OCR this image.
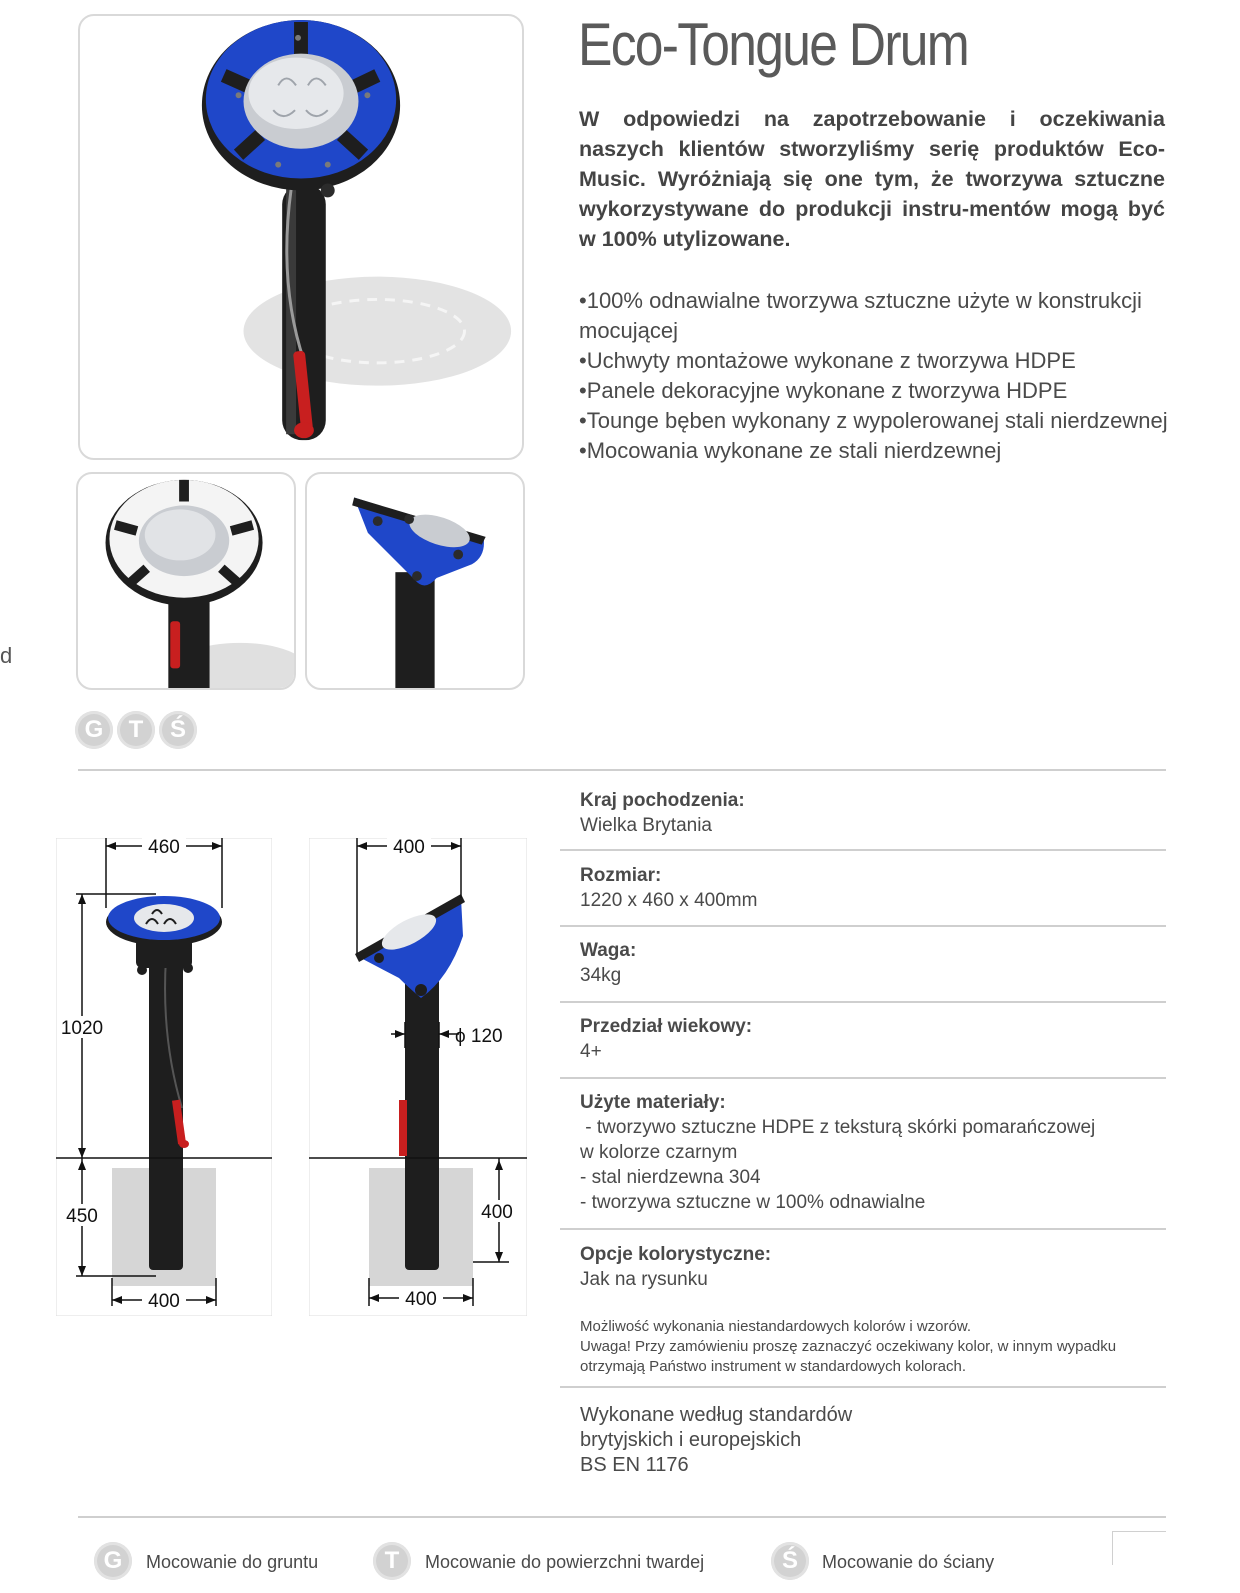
Eco-Tongue Drum
W odpowiedzi na zapotrzebowanie i oczekiwania naszych klientów stworzyliśmy serię produktów Eco-Music. Wyróżniają się one tym, że tworzywa sztuczne wykorzystywane do produkcji instru-mentów mogą być w 100% utylizowane.
• 100% odnawialne tworzywa sztuczne użyte w konstrukcji mocującej
• Uchwyty montażowe wykonane z tworzywa HDPE
• Panele dekoracyjne wykonane z tworzywa HDPE
• Tounge bęben wykonany z wypolerowanej stali nierdzewnej
• Mocowania wykonane ze stali nierdzewnej
d
G	T	Ś
460
1020
450
400
400
ϕ 120
400
400
Kraj pochodzenia:
Wielka Brytania
Rozmiar:
1220 x 460 x 400mm
Waga:
34kg
Przedział wiekowy:
4+
Użyte materiały:
- tworzywo sztuczne HDPE z teksturą skórki pomarańczowej
w kolorze czarnym
- stal nierdzewna 304
- tworzywa sztuczne w 100% odnawialne
Opcje kolorystyczne:
Jak na rysunku
Możliwość wykonania niestandardowych kolorów i wzorów.
Uwaga! Przy zamówieniu proszę zaznaczyć oczekiwany kolor, w innym wypadku
otrzymają Państwo instrument w standardowych kolorach.
Wykonane według standardów
brytyjskich i europejskich
BS EN 1176
G	Mocowanie do gruntu	T	Mocowanie do powierzchni twardej	Ś	Mocowanie do ściany
